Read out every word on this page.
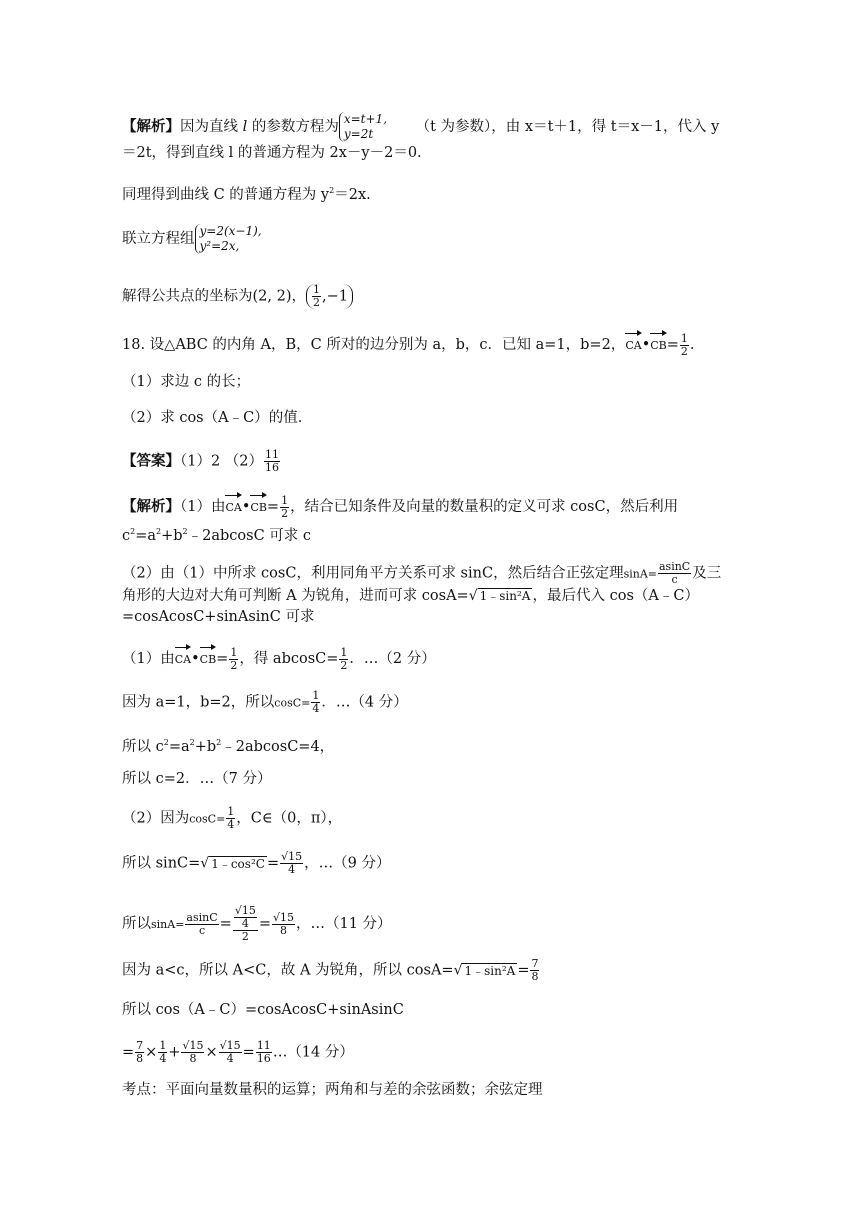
【解析】因为直线 l 的参数方程为 x=t+1,
y=2t	（t 为参数），由 x＝t＋1，得 t＝x－1，代入 y
＝2t，得到直线 l 的普通方程为 2x－y－2＝0.
同理得到曲线 C 的普通方程为 $y^2=2x$.
联立方程组 y=2(x−1),
y²=2x,
解得公共点的坐标为(2, 2)， $\frac{1}{2} ,-1$
18. 设△ABC 的内角 A，B，C 所对的边分别为 a，b，c．已知 a=1，b=2，CA•CB= $\frac{1}{2}$ .
（1）求边 c 的长；
（2）求 cos（A﹣C）的值.
【答案】（1）2 $(2) \frac{11}{16}$
【解析】（1）由CA•CB= $\frac{1}{2}$ ，结合已知条件及向量的数量积的定义可求 cosC，然后利用
$c^2=a^2+b^2﹣2abcosC$ 可求 c
（2）由（1）中所求 cosC，利用同角平方关系可求 sinC，然后结合正弦定理$\sin A= \frac{asinC}{c}$ 及三
角形的大边对大角可判断 A 为锐角，进而可求 cosA=√ 1﹣sin²A ，最后代入 cos（A﹣C）
=cosAcosC+sinAsinC 可求
（1）由CA•CB= $\frac{1}{2}$ ，得 $abcosC= \frac{1}{2}$ ．…（2 分）
因为 a=1，b=2，所以$\cos C= \frac{1}{4}$ ．…（4 分）
所以 $c^2=a^2+b^2﹣2abcosC=4$，
所以 c=2．…（7 分）
（2）因为$\cos C= \frac{1}{4}$ ，C∈（0，π），
所以 sinC=√ 1﹣cos²C = $\frac{√15}{4}$ ，…（9 分）
所以$\sin A= \frac{asinC}{c} = \frac{\frac{√15}{4}}{2} = \frac{√15}{8}$ ，…（11 分）
因为 a<c，所以 A<C，故 A 为锐角，所以 cosA=√ 1﹣sin²A = $\frac{7}{8}$
所以 cos（A﹣C）=cosAcosC+sinAsinC
= $\frac{7}{8} \times \frac{1}{4} + \frac{√15}{8} \times \frac{√15}{4} = \frac{11}{16}$ …（14 分）
考点：平面向量数量积的运算；两角和与差的余弦函数；余弦定理
